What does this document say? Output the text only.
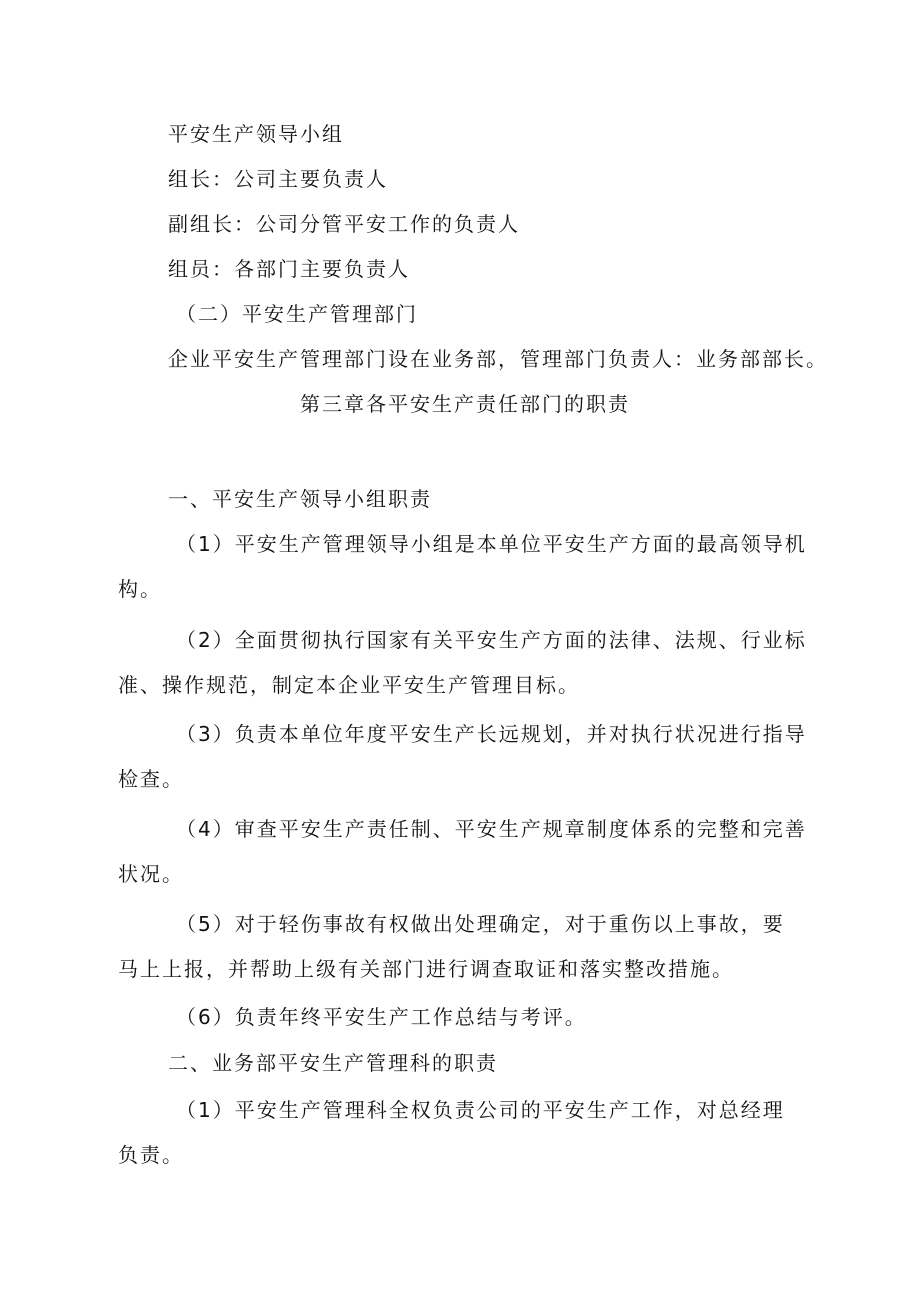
平安生产领导小组
组长：公司主要负责人
副组长：公司分管平安工作的负责人
组员：各部门主要负责人
（二）平安生产管理部门
企业平安生产管理部门设在业务部，管理部门负责人：业务部部长。
第三章各平安生产责任部门的职责
一、平安生产领导小组职责
（1）平安生产管理领导小组是本单位平安生产方面的最高领导机
构。
（2）全面贯彻执行国家有关平安生产方面的法律、法规、行业标
准、操作规范，制定本企业平安生产管理目标。
（3）负责本单位年度平安生产长远规划，并对执行状况进行指导
检查。
（4）审查平安生产责任制、平安生产规章制度体系的完整和完善
状况。
（5）对于轻伤事故有权做出处理确定，对于重伤以上事故，要
马上上报，并帮助上级有关部门进行调查取证和落实整改措施。
（6）负责年终平安生产工作总结与考评。
二、业务部平安生产管理科的职责
（1）平安生产管理科全权负责公司的平安生产工作，对总经理
负责。
